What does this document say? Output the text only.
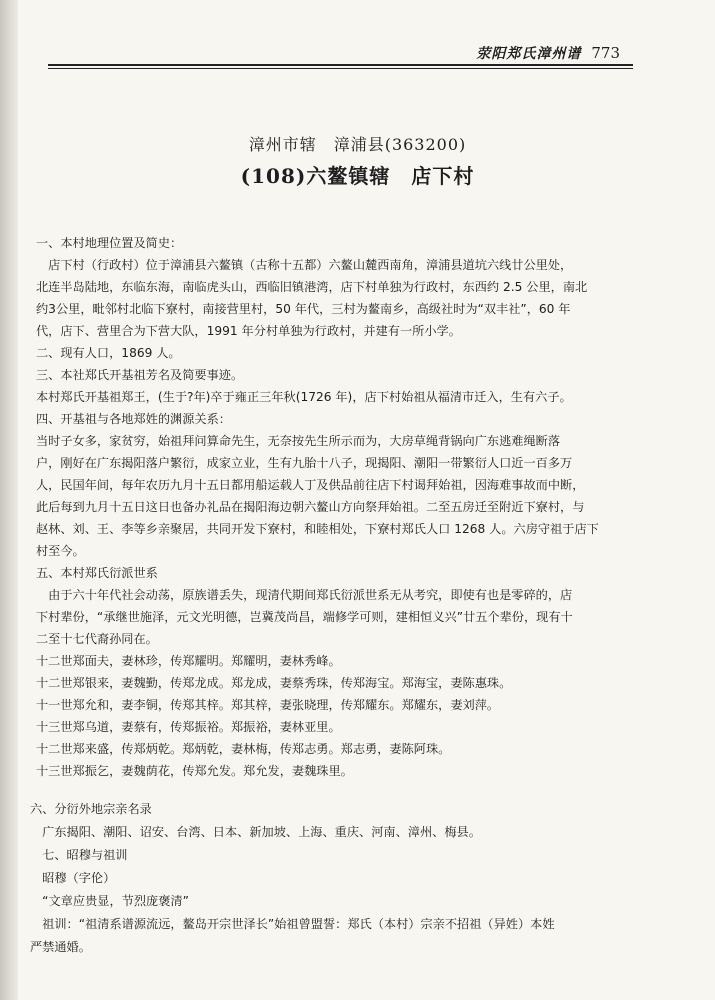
荥阳郑氏漳州谱 773
漳州市辖　漳浦县(363200)
(108)六鳌镇辖　店下村

一、本村地理位置及简史：

　店下村（行政村）位于漳浦县六鳌镇（古称十五都）六鳌山麓西南角，漳浦县道坑六线廿公里处，

北连半岛陆地，东临东海，南临虎头山，西临旧镇港湾，店下村单独为行政村，东西约 2.5 公里，南北

约3公里，毗邻村北临下寮村，南接营里村，50 年代，三村为鳌南乡，高级社时为“双丰社”，60 年

代，店下、营里合为下营大队，1991 年分村单独为行政村，并建有一所小学。

二、现有人口，1869 人。

三、本社郑氏开基祖芳名及简要事迹。

本村郑氏开基祖郑王，(生于?年)卒于雍正三年秋(1726 年)，店下村始祖从福清市迁入，生有六子。

四、开基祖与各地郑姓的渊源关系：

当时子女多，家贫穷，始祖拜问算命先生，无奈按先生所示而为，大房草绳背锅向广东逃难绳断落

户，刚好在广东揭阳落户繁衍，成家立业，生有九胎十八子，现揭阳、潮阳一带繁衍人口近一百多万

人，民国年间，每年农历九月十五日都用船运载人丁及供品前往店下村谒拜始祖，因海难事故而中断，

此后每到九月十五日这日也备办礼品在揭阳海边朝六鳌山方向祭拜始祖。二至五房迁至附近下寮村，与

赵林、刘、王、李等乡亲聚居，共同开发下寮村，和睦相处，下寮村郑氏人口 1268 人。六房守祖于店下

村至今。

五、本村郑氏衍派世系

　由于六十年代社会动荡，原族谱丢失，现清代期间郑氏衍派世系无从考究，即使有也是零碎的，店

下村辈份，“承继世施泽，元文光明德，岂冀茂尚昌，端修学可则，建相恒义兴”廿五个辈份，现有十

二至十七代裔孙同在。

十二世郑面夫，妻林珍，传郑耀明。郑耀明，妻林秀峰。

十二世郑银来，妻魏勤，传郑龙成。郑龙成，妻蔡秀珠，传郑海宝。郑海宝，妻陈惠珠。

十一世郑允和，妻李铜，传郑其梓。郑其梓，妻张晓理，传郑耀东。郑耀东，妻刘萍。

十三世郑乌道，妻蔡有，传郑振裕。郑振裕，妻林亚里。

十二世郑来盛，传郑炳乾。郑炳乾，妻林梅，传郑志勇。郑志勇，妻陈阿珠。

十三世郑振乞，妻魏荫花，传郑允发。郑允发，妻魏珠里。

六、分衍外地宗亲名录

　广东揭阳、潮阳、诏安、台湾、日本、新加坡、上海、重庆、河南、漳州、梅县。

　七、昭穆与祖训

　昭穆（字伦）

　“文章应贵显，节烈庞褒清”

　祖训：“祖清系谱源流远，鳌岛开宗世泽长”始祖曾盟誓：郑氏（本村）宗亲不招祖（异姓）本姓

严禁通婚。
